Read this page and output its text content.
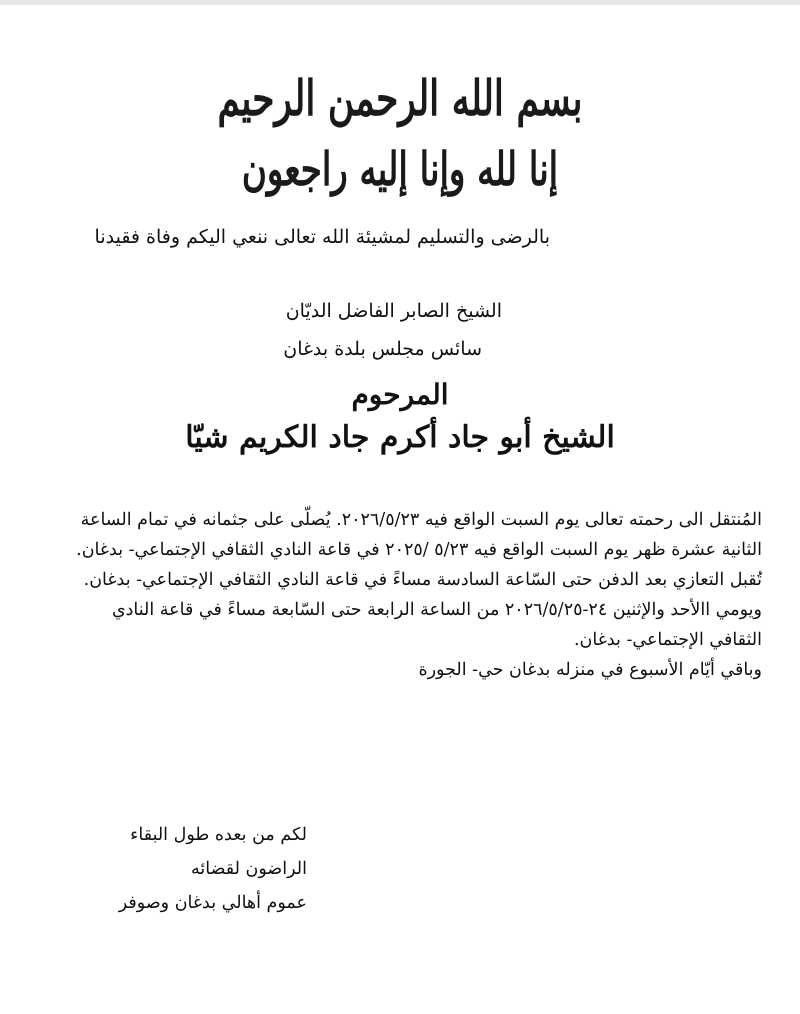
بسم الله الرحمن الرحيم
إنا لله وإنا إليه راجعون
بالرضى والتسليم لمشيئة الله تعالى ننعي اليكم وفاة فقيدنا
الشيخ الصابر الفاضل الديّان
سائس مجلس بلدة بدغان
المرحوم
الشيخ أبو جاد أكرم جاد الكريم شيّا

المُنتقل الى رحمته تعالى يوم السبت الواقع فيه ٢٠٢٦/٥/٢٣. يُصلّى على جثمانه في تمام الساعة الثانية عشرة ظهر يوم السبت الواقع فيه ٥/٢٣ /٢٠٢٥ في قاعة النادي الثقافي الإجتماعي- بدغان.

تُقبل التعازي بعد الدفن حتى السّاعة السادسة مساءً في قاعة النادي الثقافي الإجتماعي- بدغان.

ويومي االأحد والإثنين ٢٤-٢٠٢٦/٥/٢٥ من الساعة الرابعة حتى السّابعة مساءً في قاعة النادي الثقافي الإجتماعي- بدغان.

وباقي أيّام الأسبوع في منزله بدغان حي- الجورة

لكم من بعده طول البقاء

الراضون لقضائه

عموم أهالي بدغان وصوفر
